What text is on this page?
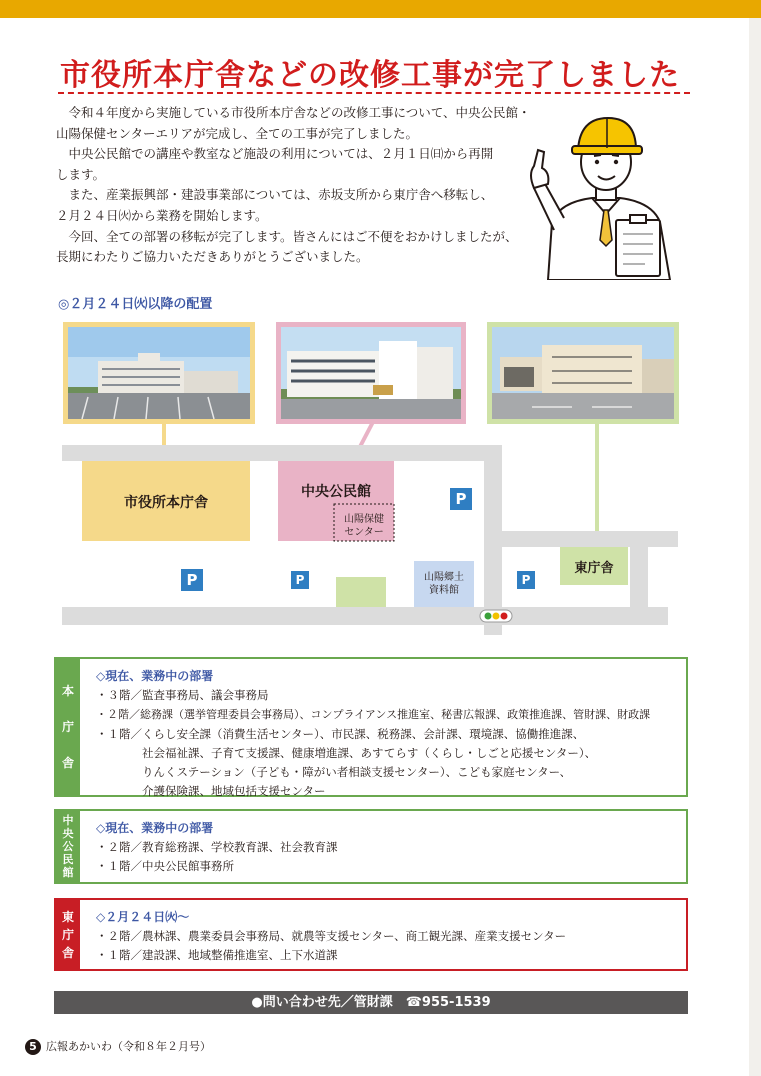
市役所本庁舎などの改修工事が完了しました

令和４年度から実施している市役所本庁舎などの改修工事について、中央公民館・

山陽保健センターエリアが完成し、全ての工事が完了しました。

中央公民館での講座や教室など施設の利用については、２月１日㈰から再開

します。

また、産業振興部・建設事業部については、赤坂支所から東庁舎へ移転し、

２月２４日㈫から業務を開始します。

今回、全ての部署の移転が完了します。皆さんにはご不便をおかけしましたが、

長期にわたりご協力いただきありがとうございました。

◎２月２４日㈫以降の配置
市役所本庁舎
中央公民館
山陽保健
センター
山陽郷土
資料館
東庁舎
P
P	P	P
本
庁
舎
◇現在、業務中の部署
・３階／監査事務局、議会事務局
・２階／総務課（選挙管理委員会事務局）、コンプライアンス推進室、秘書広報課、政策推進課、管財課、財政課
・１階／くらし安全課（消費生活センター）、市民課、税務課、会計課、環境課、協働推進課、
社会福祉課、子育て支援課、健康増進課、あすてらす（くらし・しごと応援センター）、
りんくステーション（子ども・障がい者相談支援センター）、こども家庭センター、
介護保険課、地域包括支援センター
中
央
公
民
館
◇現在、業務中の部署
・２階／教育総務課、学校教育課、社会教育課
・１階／中央公民館事務所
東
庁
舎
◇２月２４日㈫～
・２階／農林課、農業委員会事務局、就農等支援センター、商工観光課、産業支援センター
・１階／建設課、地域整備推進室、上下水道課
●問い合わせ先／管財課　☎955-1539
5 広報あかいわ（令和８年２月号）
